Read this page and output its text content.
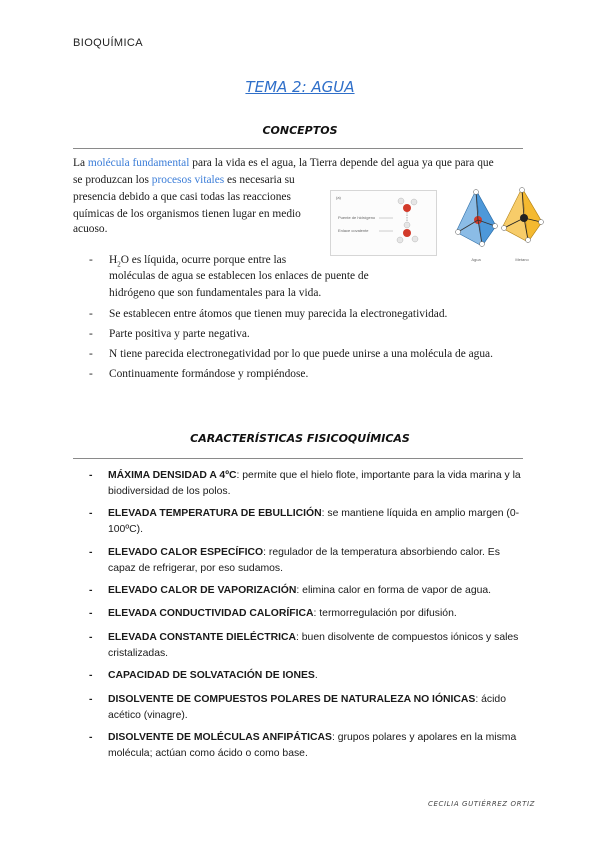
BIOQUÍMICA
TEMA 2: AGUA
CONCEPTOS
La molécula fundamental para la vida es el agua, la Tierra depende del agua ya que para que
se produzcan los procesos vitales es necesaria su
presencia debido a que casi todas las reacciones
químicas de los organismos tienen lugar en medio
acuoso.
(a)
Puente de hidrógeno
Enlace covalente
Agua	Metano
- $H_2O$ es líquida, ocurre porque entre las
moléculas de agua se establecen los enlaces de puente de
hidrógeno que son fundamentales para la vida.
- Se establecen entre átomos que tienen muy parecida la electronegatividad.
- Parte positiva y parte negativa.
- N tiene parecida electronegatividad por lo que puede unirse a una molécula de agua.
- Continuamente formándose y rompiéndose.
CARACTERÍSTICAS FISICOQUÍMICAS
- MÁXIMA DENSIDAD A 4ºC: permite que el hielo flote, importante para la vida marina y la biodiversidad de los polos.
- ELEVADA TEMPERATURA DE EBULLICIÓN: se mantiene líquida en amplio margen (0-100ºC).
- ELEVADO CALOR ESPECÍFICO: regulador de la temperatura absorbiendo calor. Es capaz de refrigerar, por eso sudamos.
- ELEVADO CALOR DE VAPORIZACIÓN: elimina calor en forma de vapor de agua.
- ELEVADA CONDUCTIVIDAD CALORÍFICA: termorregulación por difusión.
- ELEVADA CONSTANTE DIELÉCTRICA: buen disolvente de compuestos iónicos y sales cristalizadas.
- CAPACIDAD DE SOLVATACIÓN DE IONES.
- DISOLVENTE DE COMPUESTOS POLARES DE NATURALEZA NO IÓNICAS: ácido acético (vinagre).
- DISOLVENTE DE MOLÉCULAS ANFIPÁTICAS: grupos polares y apolares en la misma molécula; actúan como ácido o como base.
CECILIA GUTIÉRREZ ORTIZ
